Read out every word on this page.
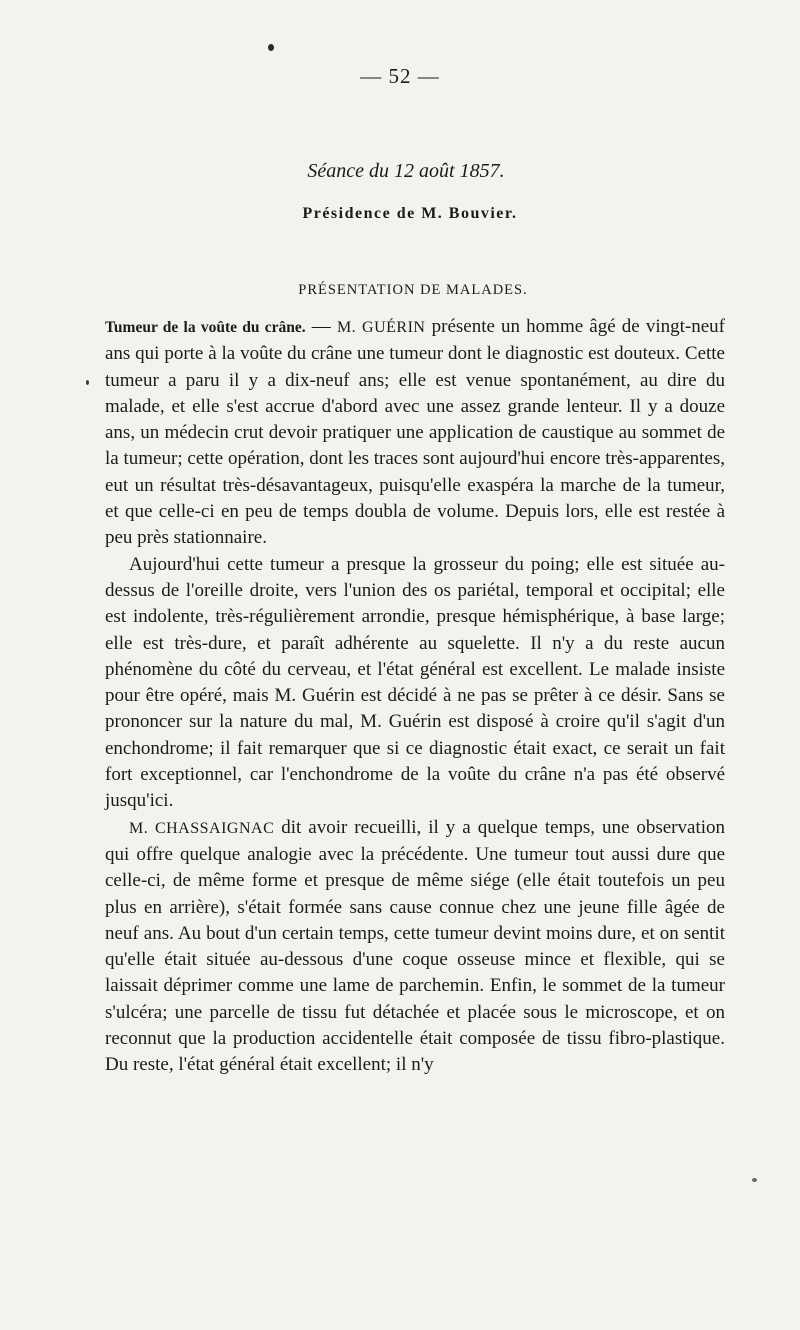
— 52 —
Séance du 12 août 1857.
Présidence de M. Bouvier.
PRÉSENTATION DE MALADES.

Tumeur de la voûte du crâne. — M. GUÉRIN présente un homme âgé de vingt-neuf ans qui porte à la voûte du crâne une tumeur dont le diagnostic est douteux. Cette tumeur a paru il y a dix-neuf ans; elle est venue spontanément, au dire du malade, et elle s'est accrue d'abord avec une assez grande lenteur. Il y a douze ans, un médecin crut devoir pratiquer une application de caustique au sommet de la tumeur; cette opération, dont les traces sont aujourd'hui encore très-apparentes, eut un résultat très-désavantageux, puisqu'elle exaspéra la marche de la tumeur, et que celle-ci en peu de temps doubla de volume. Depuis lors, elle est restée à peu près stationnaire.

Aujourd'hui cette tumeur a presque la grosseur du poing; elle est située au-dessus de l'oreille droite, vers l'union des os pariétal, temporal et occipital; elle est indolente, très-régulièrement arrondie, presque hémisphérique, à base large; elle est très-dure, et paraît adhérente au squelette. Il n'y a du reste aucun phénomène du côté du cerveau, et l'état général est excellent. Le malade insiste pour être opéré, mais M. Guérin est décidé à ne pas se prêter à ce désir. Sans se prononcer sur la nature du mal, M. Guérin est disposé à croire qu'il s'agit d'un enchondrome; il fait remarquer que si ce diagnostic était exact, ce serait un fait fort exceptionnel, car l'enchondrome de la voûte du crâne n'a pas été observé jusqu'ici.

M. CHASSAIGNAC dit avoir recueilli, il y a quelque temps, une observation qui offre quelque analogie avec la précédente. Une tumeur tout aussi dure que celle-ci, de même forme et presque de même siége (elle était toutefois un peu plus en arrière), s'était formée sans cause connue chez une jeune fille âgée de neuf ans. Au bout d'un certain temps, cette tumeur devint moins dure, et on sentit qu'elle était située au-dessous d'une coque osseuse mince et flexible, qui se laissait déprimer comme une lame de parchemin. Enfin, le sommet de la tumeur s'ulcéra; une parcelle de tissu fut détachée et placée sous le microscope, et on reconnut que la production accidentelle était composée de tissu fibro-plastique. Du reste, l'état général était excellent; il n'y
